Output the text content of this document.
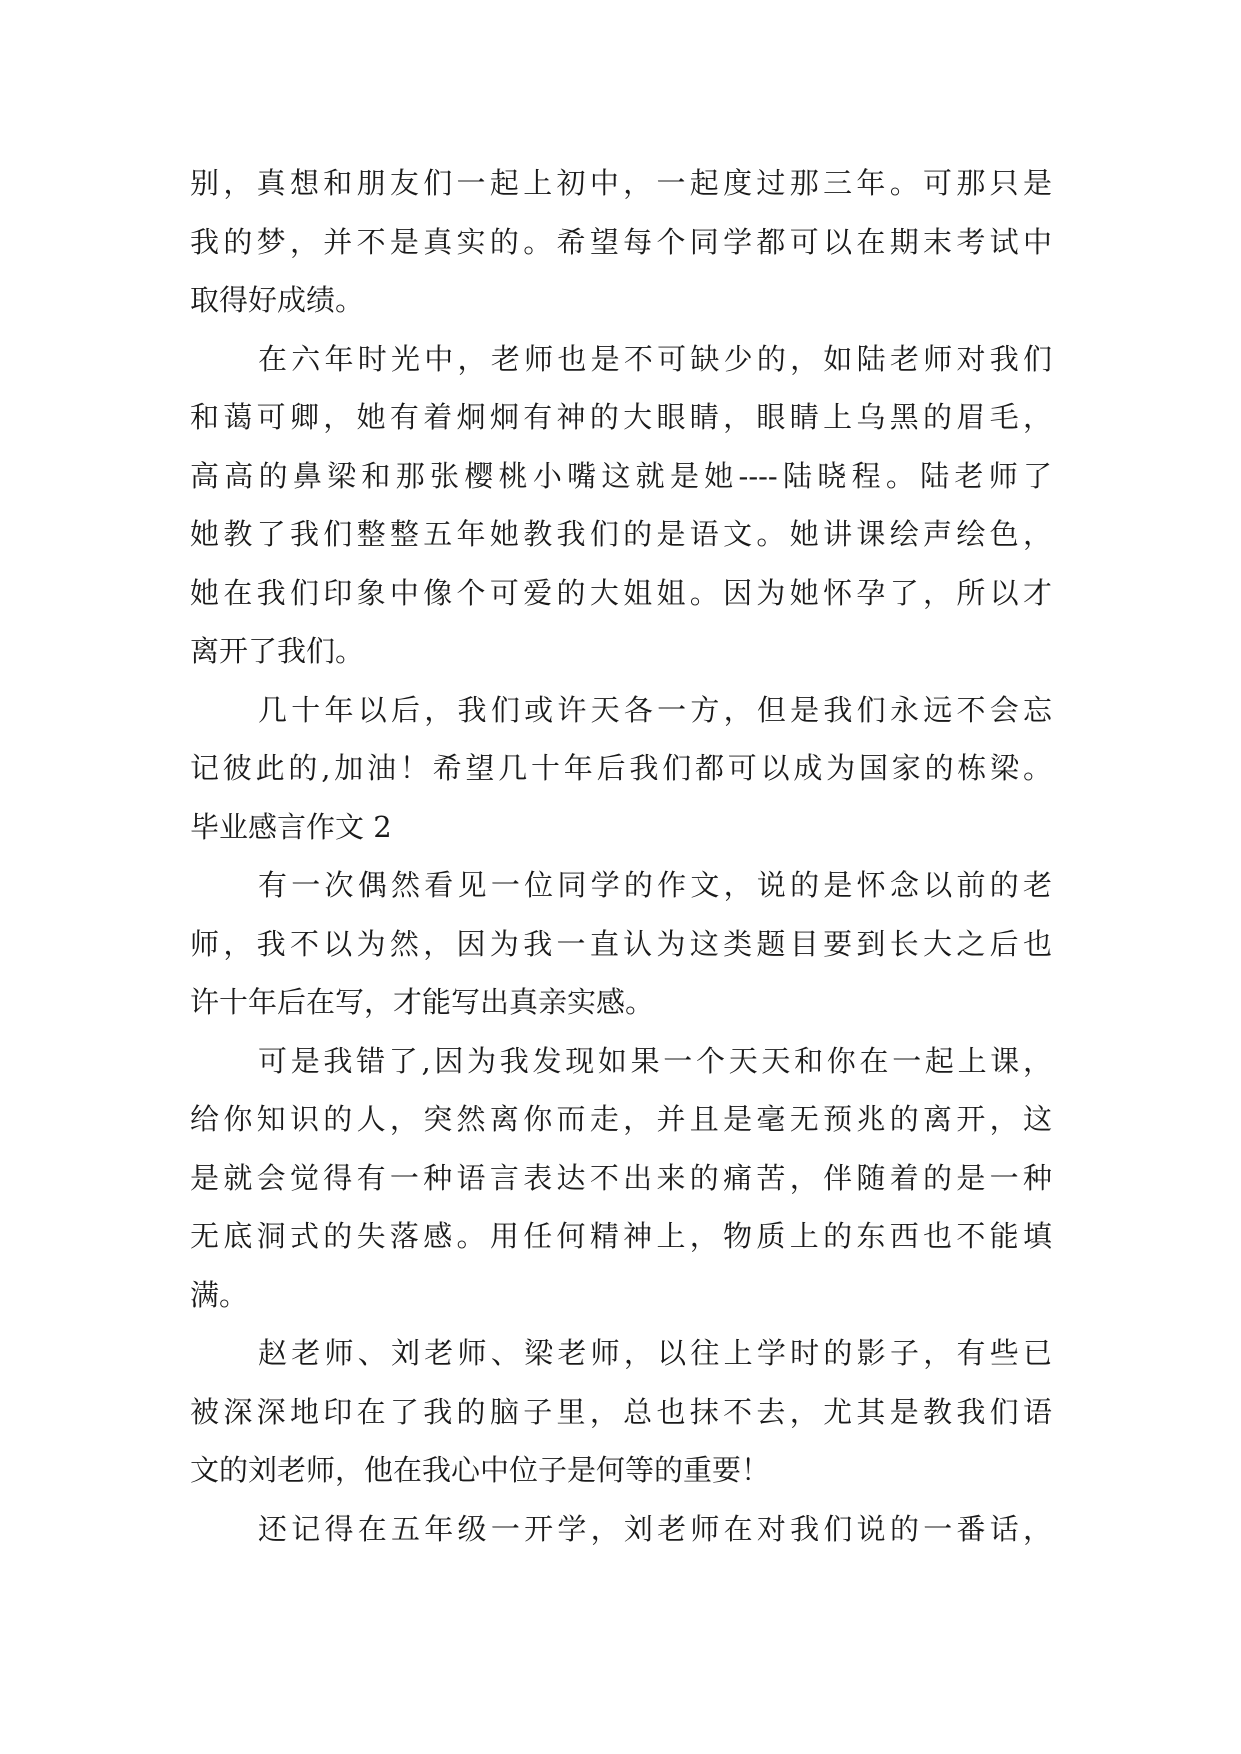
别，真想和朋友们一起上初中，一起度过那三年。可那只是
我的梦，并不是真实的。希望每个同学都可以在期末考试中
取得好成绩。
在六年时光中，老师也是不可缺少的，如陆老师对我们
和蔼可卿，她有着炯炯有神的大眼睛，眼睛上乌黑的眉毛，
高高的鼻梁和那张樱桃小嘴这就是她----陆晓程。陆老师了
她教了我们整整五年她教我们的是语文。她讲课绘声绘色，
她在我们印象中像个可爱的大姐姐。因为她怀孕了，所以才
离开了我们。
几十年以后，我们或许天各一方，但是我们永远不会忘
记彼此的,加油！希望几十年后我们都可以成为国家的栋梁。
毕业感言作文 2
有一次偶然看见一位同学的作文，说的是怀念以前的老
师，我不以为然，因为我一直认为这类题目要到长大之后也
许十年后在写，才能写出真亲实感。
可是我错了,因为我发现如果一个天天和你在一起上课，
给你知识的人，突然离你而走，并且是毫无预兆的离开，这
是就会觉得有一种语言表达不出来的痛苦，伴随着的是一种
无底洞式的失落感。用任何精神上，物质上的东西也不能填
满。
赵老师、刘老师、梁老师，以往上学时的影子，有些已
被深深地印在了我的脑子里，总也抹不去，尤其是教我们语
文的刘老师，他在我心中位子是何等的重要！
还记得在五年级一开学，刘老师在对我们说的一番话，
